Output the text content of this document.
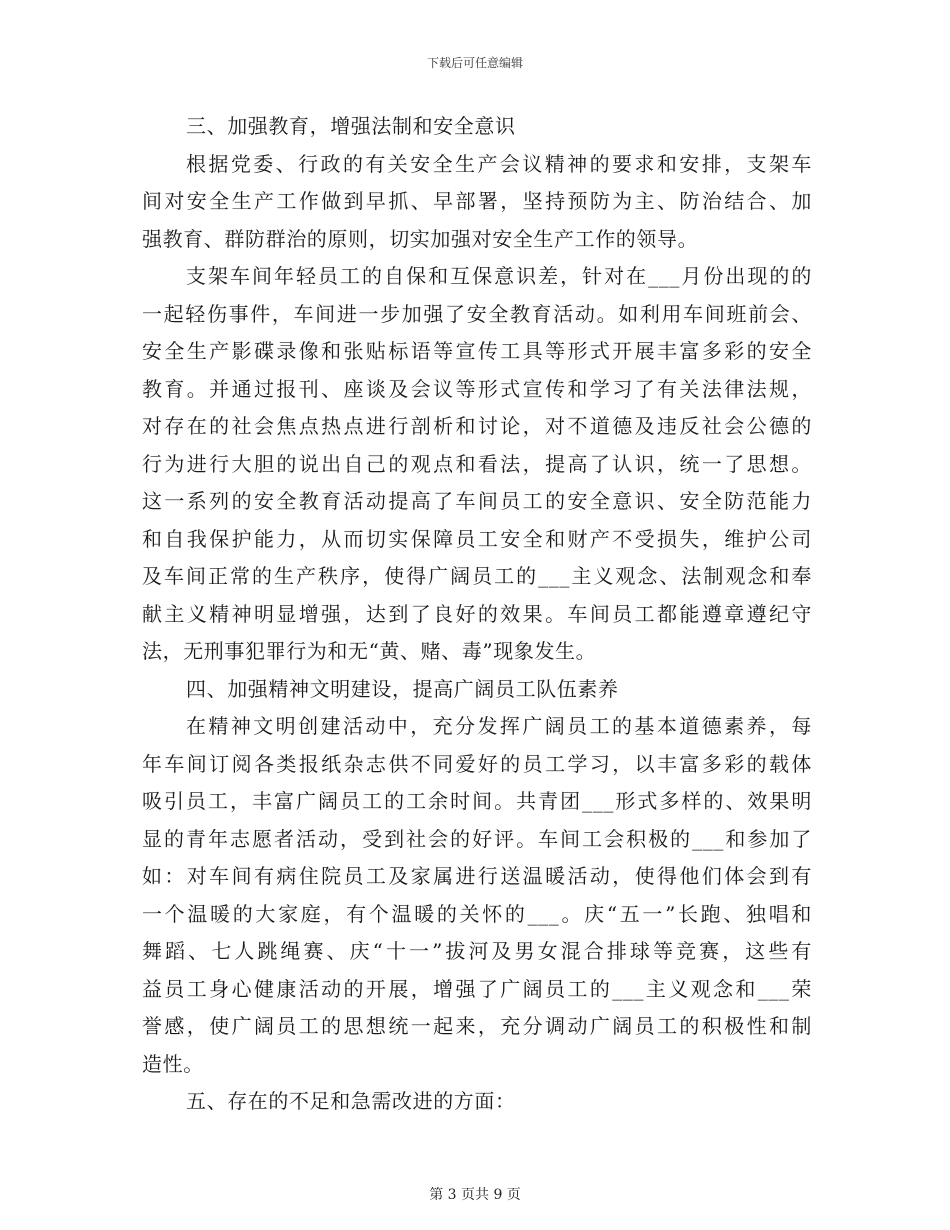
下载后可任意编辑
三、加强教育，增强法制和安全意识
根据党委、行政的有关安全生产会议精神的要求和安排，支架车
间对安全生产工作做到早抓、早部署，坚持预防为主、防治结合、加
强教育、群防群治的原则，切实加强对安全生产工作的领导。
支架车间年轻员工的自保和互保意识差，针对在___月份出现的的
一起轻伤事件，车间进一步加强了安全教育活动。如利用车间班前会、
安全生产影碟录像和张贴标语等宣传工具等形式开展丰富多彩的安全
教育。并通过报刊、座谈及会议等形式宣传和学习了有关法律法规，
对存在的社会焦点热点进行剖析和讨论，对不道德及违反社会公德的
行为进行大胆的说出自己的观点和看法，提高了认识，统一了思想。
这一系列的安全教育活动提高了车间员工的安全意识、安全防范能力
和自我保护能力，从而切实保障员工安全和财产不受损失，维护公司
及车间正常的生产秩序，使得广阔员工的___主义观念、法制观念和奉
献主义精神明显增强，达到了良好的效果。车间员工都能遵章遵纪守
法，无刑事犯罪行为和无“黄、赌、毒”现象发生。
四、加强精神文明建设，提高广阔员工队伍素养
在精神文明创建活动中，充分发挥广阔员工的基本道德素养，每
年车间订阅各类报纸杂志供不同爱好的员工学习，以丰富多彩的载体
吸引员工，丰富广阔员工的工余时间。共青团___形式多样的、效果明
显的青年志愿者活动，受到社会的好评。车间工会积极的___和参加了
如：对车间有病住院员工及家属进行送温暖活动，使得他们体会到有
一个温暖的大家庭，有个温暖的关怀的___。庆“五一”长跑、独唱和
舞蹈、七人跳绳赛、庆“十一”拔河及男女混合排球等竞赛，这些有
益员工身心健康活动的开展，增强了广阔员工的___主义观念和___荣
誉感，使广阔员工的思想统一起来，充分调动广阔员工的积极性和制
造性。
五、存在的不足和急需改进的方面：
第 3 页共 9 页
